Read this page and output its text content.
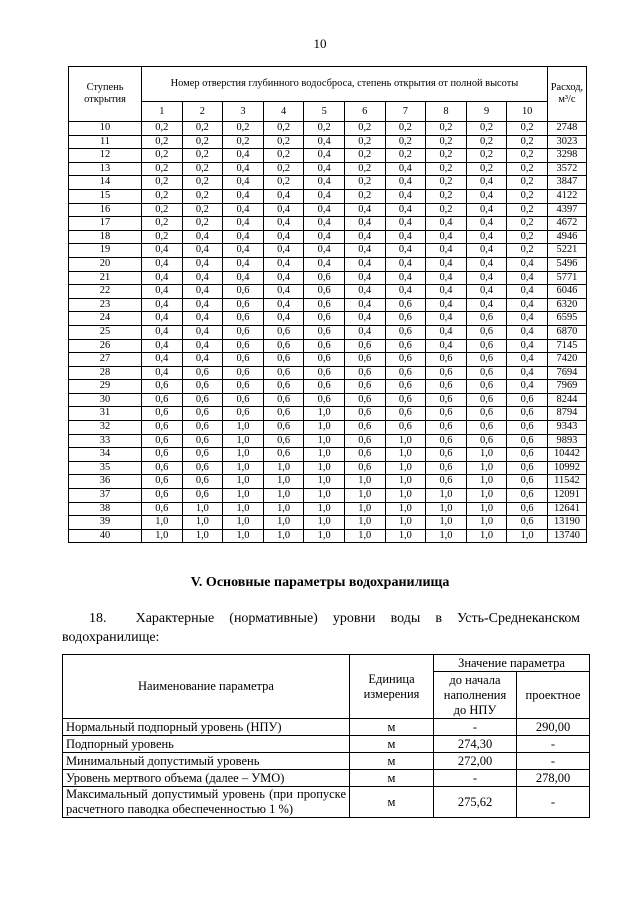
10
Ступень открытия	Номер отверстия глубинного водосброса, степень открытия от полной высоты										Расход, м³/с
	1	2	3	4	5	6	7	8	9	10	
10	0,2	0,2	0,2	0,2	0,2	0,2	0,2	0,2	0,2	0,2	2748
11	0,2	0,2	0,2	0,2	0,4	0,2	0,2	0,2	0,2	0,2	3023
12	0,2	0,2	0,4	0,2	0,4	0,2	0,2	0,2	0,2	0,2	3298
13	0,2	0,2	0,4	0,2	0,4	0,2	0,4	0,2	0,2	0,2	3572
14	0,2	0,2	0,4	0,2	0,4	0,2	0,4	0,2	0,4	0,2	3847
15	0,2	0,2	0,4	0,4	0,4	0,2	0,4	0,2	0,4	0,2	4122
16	0,2	0,2	0,4	0,4	0,4	0,4	0,4	0,2	0,4	0,2	4397
17	0,2	0,2	0,4	0,4	0,4	0,4	0,4	0,4	0,4	0,2	4672
18	0,2	0,4	0,4	0,4	0,4	0,4	0,4	0,4	0,4	0,2	4946
19	0,4	0,4	0,4	0,4	0,4	0,4	0,4	0,4	0,4	0,2	5221
20	0,4	0,4	0,4	0,4	0,4	0,4	0,4	0,4	0,4	0,4	5496
21	0,4	0,4	0,4	0,4	0,6	0,4	0,4	0,4	0,4	0,4	5771
22	0,4	0,4	0,6	0,4	0,6	0,4	0,4	0,4	0,4	0,4	6046
23	0,4	0,4	0,6	0,4	0,6	0,4	0,6	0,4	0,4	0,4	6320
24	0,4	0,4	0,6	0,4	0,6	0,4	0,6	0,4	0,6	0,4	6595
25	0,4	0,4	0,6	0,6	0,6	0,4	0,6	0,4	0,6	0,4	6870
26	0,4	0,4	0,6	0,6	0,6	0,6	0,6	0,4	0,6	0,4	7145
27	0,4	0,4	0,6	0,6	0,6	0,6	0,6	0,6	0,6	0,4	7420
28	0,4	0,6	0,6	0,6	0,6	0,6	0,6	0,6	0,6	0,4	7694
29	0,6	0,6	0,6	0,6	0,6	0,6	0,6	0,6	0,6	0,4	7969
30	0,6	0,6	0,6	0,6	0,6	0,6	0,6	0,6	0,6	0,6	8244
31	0,6	0,6	0,6	0,6	1,0	0,6	0,6	0,6	0,6	0,6	8794
32	0,6	0,6	1,0	0,6	1,0	0,6	0,6	0,6	0,6	0,6	9343
33	0,6	0,6	1,0	0,6	1,0	0,6	1,0	0,6	0,6	0,6	9893
34	0,6	0,6	1,0	0,6	1,0	0,6	1,0	0,6	1,0	0,6	10442
35	0,6	0,6	1,0	1,0	1,0	0,6	1,0	0,6	1,0	0,6	10992
36	0,6	0,6	1,0	1,0	1,0	1,0	1,0	0,6	1,0	0,6	11542
37	0,6	0,6	1,0	1,0	1,0	1,0	1,0	1,0	1,0	0,6	12091
38	0,6	1,0	1,0	1,0	1,0	1,0	1,0	1,0	1,0	0,6	12641
39	1,0	1,0	1,0	1,0	1,0	1,0	1,0	1,0	1,0	0,6	13190
40	1,0	1,0	1,0	1,0	1,0	1,0	1,0	1,0	1,0	1,0	13740
V. Основные параметры водохранилища
18. Характерные (нормативные) уровни воды в Усть-Среднеканском водохранилище:
Наименование параметра	Единица измерения	Значение параметра	
		до начала наполнения до НПУ	проектное
Нормальный подпорный уровень (НПУ)	м	-	290,00
Подпорный уровень	м	274,30	-
Минимальный допустимый уровень	м	272,00	-
Уровень мертвого объема (далее – УМО)	м	-	278,00
Максимальный допустимый уровень (при пропуске расчетного паводка обеспеченностью 1 %)	м	275,62	-
